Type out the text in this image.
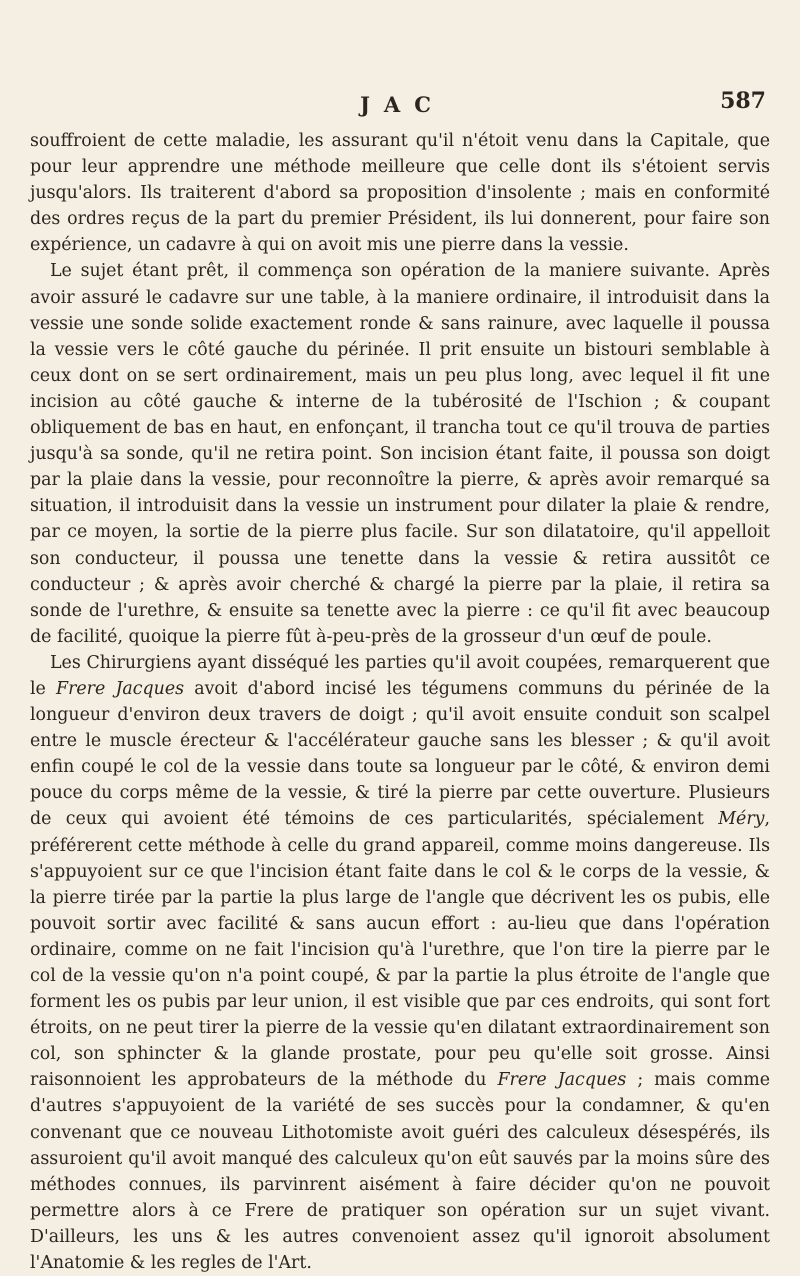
JAC	587

souffroient de cette maladie, les assurant qu'il n'étoit venu dans la Capitale, que pour leur apprendre une méthode meilleure que celle dont ils s'étoient servis jusqu'alors. Ils traiterent d'abord sa proposition d'insolente ; mais en conformité des ordres reçus de la part du premier Président, ils lui donnerent, pour faire son expérience, un cadavre à qui on avoit mis une pierre dans la vessie.

Le sujet étant prêt, il commença son opération de la maniere suivante. Après avoir assuré le cadavre sur une table, à la maniere ordinaire, il introduisit dans la vessie une sonde solide exactement ronde & sans rainure, avec laquelle il poussa la vessie vers le côté gauche du périnée. Il prit ensuite un bistouri semblable à ceux dont on se sert ordinairement, mais un peu plus long, avec lequel il fit une incision au côté gauche & interne de la tubérosité de l'Ischion ; & coupant obliquement de bas en haut, en enfonçant, il trancha tout ce qu'il trouva de parties jusqu'à sa sonde, qu'il ne retira point. Son incision étant faite, il poussa son doigt par la plaie dans la vessie, pour reconnoître la pierre, & après avoir remarqué sa situation, il introduisit dans la vessie un instrument pour dilater la plaie & rendre, par ce moyen, la sortie de la pierre plus facile. Sur son dilatatoire, qu'il appelloit son conducteur, il poussa une tenette dans la vessie & retira aussitôt ce conducteur ; & après avoir cherché & chargé la pierre par la plaie, il retira sa sonde de l'urethre, & ensuite sa tenette avec la pierre : ce qu'il fit avec beaucoup de facilité, quoique la pierre fût à-peu-près de la grosseur d'un œuf de poule.

Les Chirurgiens ayant disséqué les parties qu'il avoit coupées, remarquerent que le Frere Jacques avoit d'abord incisé les tégumens communs du périnée de la longueur d'environ deux travers de doigt ; qu'il avoit ensuite conduit son scalpel entre le muscle érecteur & l'accélérateur gauche sans les blesser ; & qu'il avoit enfin coupé le col de la vessie dans toute sa longueur par le côté, & environ demi pouce du corps même de la vessie, & tiré la pierre par cette ouverture. Plusieurs de ceux qui avoient été témoins de ces particularités, spécialement Méry, préférerent cette méthode à celle du grand appareil, comme moins dangereuse. Ils s'appuyoient sur ce que l'incision étant faite dans le col & le corps de la vessie, & la pierre tirée par la partie la plus large de l'angle que décrivent les os pubis, elle pouvoit sortir avec facilité & sans aucun effort : au-lieu que dans l'opération ordinaire, comme on ne fait l'incision qu'à l'urethre, que l'on tire la pierre par le col de la vessie qu'on n'a point coupé, & par la partie la plus étroite de l'angle que forment les os pubis par leur union, il est visible que par ces endroits, qui sont fort étroits, on ne peut tirer la pierre de la vessie qu'en dilatant extraordinairement son col, son sphincter & la glande prostate, pour peu qu'elle soit grosse. Ainsi raisonnoient les approbateurs de la méthode du Frere Jacques ; mais comme d'autres s'appuyoient de la variété de ses succès pour la condamner, & qu'en convenant que ce nouveau Lithotomiste avoit guéri des calculeux désespérés, ils assuroient qu'il avoit manqué des calculeux qu'on eût sauvés par la moins sûre des méthodes connues, ils parvinrent aisément à faire décider qu'on ne pouvoit permettre alors à ce Frere de pratiquer son opération sur un sujet vivant. D'ailleurs, les uns & les autres convenoient assez qu'il ignoroit absolument l'Anatomie & les regles de l'Art.
